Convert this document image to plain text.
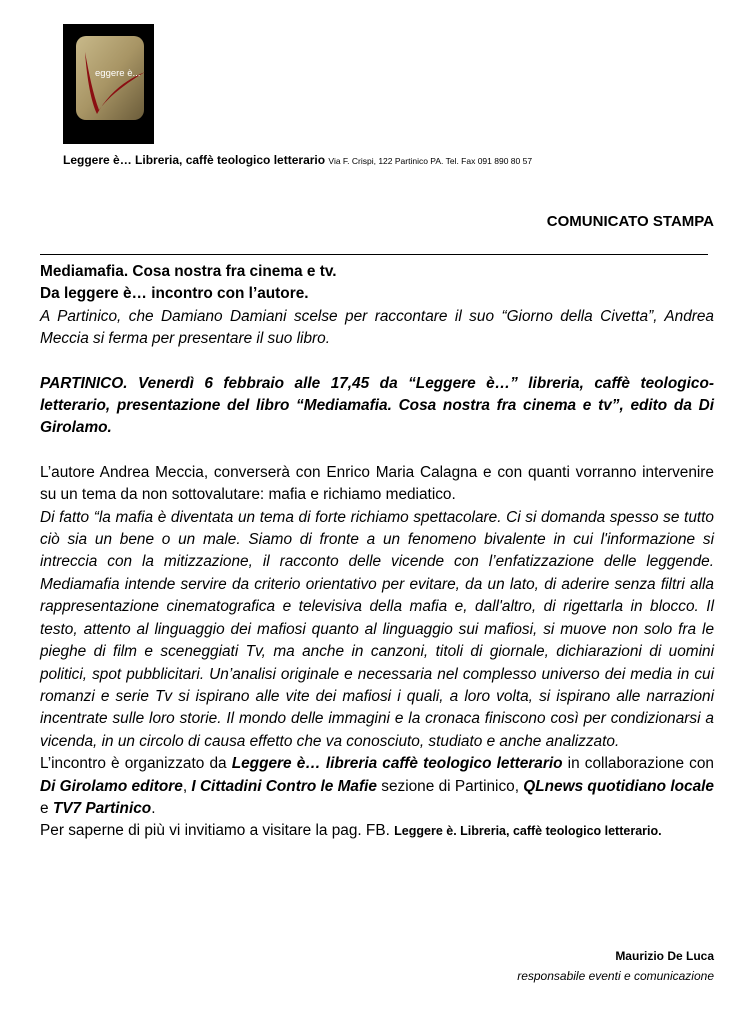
eggere è...
Leggere è… Libreria, caffè teologico letterario Via F. Crispi, 122 Partinico PA. Tel. Fax 091 890 80 57
COMUNICATO STAMPA

Mediamafia. Cosa nostra fra cinema e tv.

Da leggere è… incontro con l’autore.

A Partinico, che Damiano Damiani scelse per raccontare il suo “Giorno della Civetta”, Andrea Meccia si ferma per presentare il suo libro.

PARTINICO. Venerdì 6 febbraio alle 17,45 da “Leggere è…” libreria, caffè teologico-letterario, presentazione del libro “Mediamafia. Cosa nostra fra cinema e tv”, edito da Di Girolamo.

L’autore Andrea Meccia, converserà con Enrico Maria Calagna e con quanti vorranno intervenire su un tema da non sottovalutare: mafia e richiamo mediatico.

Di fatto “la mafia è diventata un tema di forte richiamo spettacolare. Ci si domanda spesso se tutto ciò sia un bene o un male. Siamo di fronte a un fenomeno bivalente in cui l'informazione si intreccia con la mitizzazione, il racconto delle vicende con l’enfatizzazione delle leggende. Mediamafia intende servire da criterio orientativo per evitare, da un lato, di aderire senza filtri alla rappresentazione cinematografica e televisiva della mafia e, dall'altro, di rigettarla in blocco. Il testo, attento al linguaggio dei mafiosi quanto al linguaggio sui mafiosi, si muove non solo fra le pieghe di film e sceneggiati Tv, ma anche in canzoni, titoli di giornale, dichiarazioni di uomini politici, spot pubblicitari. Un’analisi originale e necessaria nel complesso universo dei media in cui romanzi e serie Tv si ispirano alle vite dei mafiosi i quali, a loro volta, si ispirano alle narrazioni incentrate sulle loro storie. Il mondo delle immagini e la cronaca finiscono così per condizionarsi a vicenda, in un circolo di causa effetto che va conosciuto, studiato e anche analizzato.

L’incontro è organizzato da Leggere è… libreria caffè teologico letterario in collaborazione con Di Girolamo editore, I Cittadini Contro le Mafie sezione di Partinico, QLnews quotidiano locale e TV7 Partinico.

Per saperne di più vi invitiamo a visitare la pag. FB. Leggere è. Libreria, caffè teologico letterario.

Maurizio De Luca
responsabile eventi e comunicazione
